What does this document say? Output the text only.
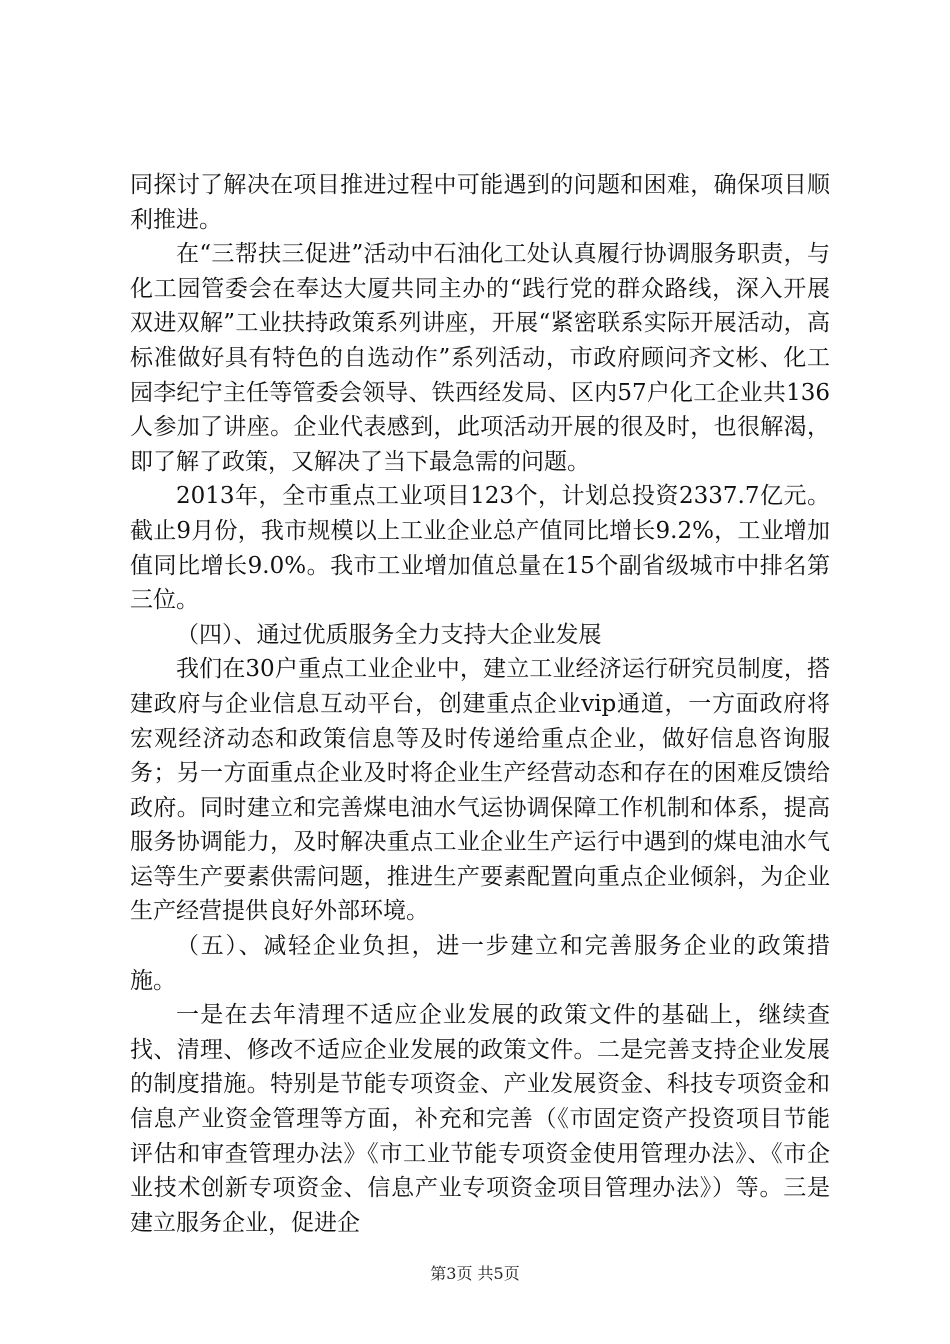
同探讨了解决在项目推进过程中可能遇到的问题和困难，确保项目顺利推进。

在“三帮扶三促进”活动中石油化工处认真履行协调服务职责，与化工园管委会在奉达大厦共同主办的“践行党的群众路线，深入开展双进双解”工业扶持政策系列讲座，开展“紧密联系实际开展活动，高标准做好具有特色的自选动作”系列活动，市政府顾问齐文彬、化工园李纪宁主任等管委会领导、铁西经发局、区内57户化工企业共136人参加了讲座。企业代表感到，此项活动开展的很及时，也很解渴，即了解了政策，又解决了当下最急需的问题。

2013年，全市重点工业项目123个，计划总投资2337.7亿元。截止9月份，我市规模以上工业企业总产值同比增长9.2%，工业增加值同比增长9.0%。我市工业增加值总量在15个副省级城市中排名第三位。

（四）、通过优质服务全力支持大企业发展

我们在30户重点工业企业中，建立工业经济运行研究员制度，搭建政府与企业信息互动平台，创建重点企业vip通道，一方面政府将宏观经济动态和政策信息等及时传递给重点企业，做好信息咨询服务；另一方面重点企业及时将企业生产经营动态和存在的困难反馈给政府。同时建立和完善煤电油水气运协调保障工作机制和体系，提高服务协调能力，及时解决重点工业企业生产运行中遇到的煤电油水气运等生产要素供需问题，推进生产要素配置向重点企业倾斜，为企业生产经营提供良好外部环境。

（五）、减轻企业负担，进一步建立和完善服务企业的政策措施。

一是在去年清理不适应企业发展的政策文件的基础上，继续查找、清理、修改不适应企业发展的政策文件。二是完善支持企业发展的制度措施。特别是节能专项资金、产业发展资金、科技专项资金和信息产业资金管理等方面，补充和完善（《市固定资产投资项目节能评估和审查管理办法》《市工业节能专项资金使用管理办法》、《市企业技术创新专项资金、信息产业专项资金项目管理办法》）等。三是建立服务企业，促进企

第3页 共5页
